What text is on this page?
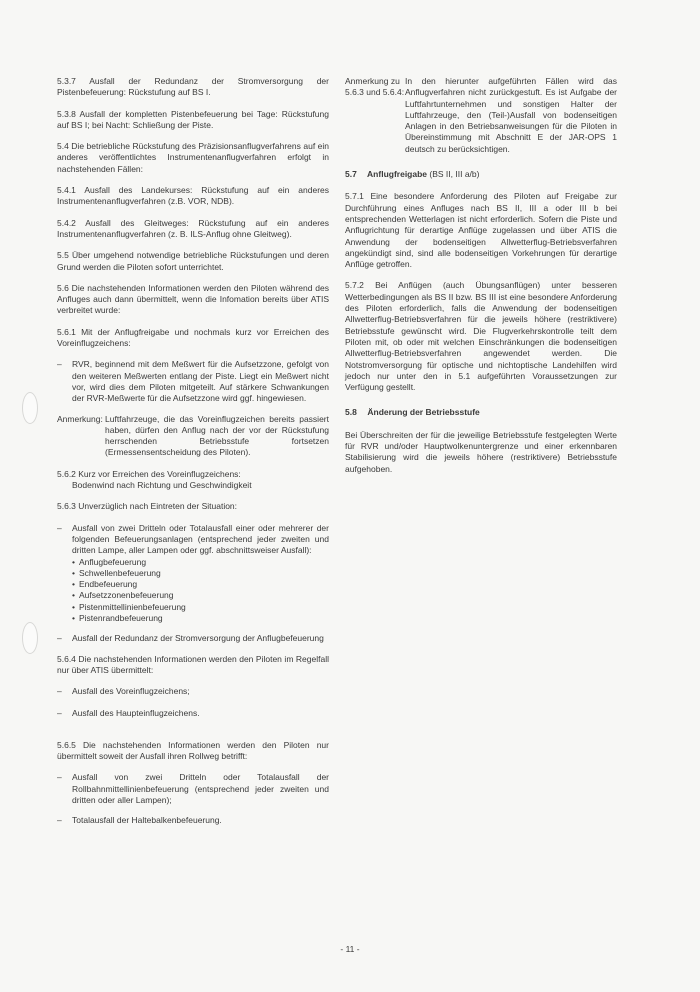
5.3.7 Ausfall der Redundanz der Stromversorgung der Pistenbefeuerung: Rückstufung auf BS I.

5.3.8 Ausfall der kompletten Pistenbefeuerung bei Tage: Rückstufung auf BS I; bei Nacht: Schließung der Piste.

5.4 Die betriebliche Rückstufung des Präzisionsanflugverfahrens auf ein anderes veröffentlichtes Instrumentenanflugverfahren erfolgt in nachstehenden Fällen:

5.4.1 Ausfall des Landekurses: Rückstufung auf ein anderes Instrumentenanflugverfahren (z.B. VOR, NDB).

5.4.2 Ausfall des Gleitweges: Rückstufung auf ein anderes Instrumentenanflugverfahren (z. B. ILS-Anflug ohne Gleitweg).

5.5 Über umgehend notwendige betriebliche Rückstufungen und deren Grund werden die Piloten sofort unterrichtet.

5.6 Die nachstehenden Informationen werden den Piloten während des Anfluges auch dann übermittelt, wenn die Infomation bereits über ATIS verbreitet wurde:

5.6.1 Mit der Anflugfreigabe und nochmals kurz vor Erreichen des Voreinflugzeichens:

– RVR, beginnend mit dem Meßwert für die Aufsetzzone, gefolgt von den weiteren Meßwerten entlang der Piste. Liegt ein Meßwert nicht vor, wird dies dem Piloten mitgeteilt. Auf stärkere Schwankungen der RVR-Meßwerte für die Aufsetzzone wird ggf. hingewiesen.
Anmerkung: Luftfahrzeuge, die das Voreinflugzeichen bereits passiert haben, dürfen den Anflug nach der vor der Rückstufung herrschenden Betriebsstufe fortsetzen (Ermessensentscheidung des Piloten).
5.6.2 Kurz vor Erreichen des Voreinflugzeichens:
Bodenwind nach Richtung und Geschwindigkeit

5.6.3 Unverzüglich nach Eintreten der Situation:

– Ausfall von zwei Dritteln oder Totalausfall einer oder mehrerer der folgenden Befeuerungsanlagen (entsprechend jeder zweiten und dritten Lampe, aller Lampen oder ggf. abschnittsweiser Ausfall):
• Anflugbefeuerung
• Schwellenbefeuerung
• Endbefeuerung
• Aufsetzzonenbefeuerung
• Pistenmittellinienbefeuerung
• Pistenrandbefeuerung
– Ausfall der Redundanz der Stromversorgung der Anflugbefeuerung

5.6.4 Die nachstehenden Informationen werden den Piloten im Regelfall nur über ATIS übermittelt:

– Ausfall des Voreinflugzeichens;
– Ausfall des Haupteinflugzeichens.

5.6.5 Die nachstehenden Informationen werden den Piloten nur übermittelt soweit der Ausfall ihren Rollweg betrifft:

– Ausfall von zwei Dritteln oder Totalausfall der Rollbahnmittellinienbefeuerung (entsprechend jeder zweiten und dritten oder aller Lampen);
– Totalausfall der Haltebalkenbefeuerung.
Anmerkung zu 5.6.3 und 5.6.4:
In den hierunter aufgeführten Fällen wird das Anflugverfahren nicht zurückgestuft. Es ist Aufgabe der Luftfahrtunternehmen und sonstigen Halter der Luftfahrzeuge, den (Teil-)Ausfall von bodenseitigen Anlagen in den Betriebsanweisungen für die Piloten in Übereinstimmung mit Abschnitt E der JAR-OPS 1 deutsch zu berücksichtigen.
5.7 Anflugfreigabe (BS II, III a/b)

5.7.1 Eine besondere Anforderung des Piloten auf Freigabe zur Durchführung eines Anfluges nach BS II, III a oder III b bei entsprechenden Wetterlagen ist nicht erforderlich. Sofern die Piste und Anflugrichtung für derartige Anflüge zugelassen und über ATIS die Anwendung der bodenseitigen Allwetterflug-Betriebsverfahren angekündigt sind, sind alle bodenseitigen Vorkehrungen für derartige Anflüge getroffen.

5.7.2 Bei Anflügen (auch Übungsanflügen) unter besseren Wetterbedingungen als BS II bzw. BS III ist eine besondere Anforderung des Piloten erforderlich, falls die Anwendung der bodenseitigen Allwetterflug-Betriebsverfahren für die jeweils höhere (restriktivere) Betriebsstufe gewünscht wird. Die Flugverkehrskontrolle teilt dem Piloten mit, ob oder mit welchen Einschränkungen die bodenseitigen Allwetterflug-Betriebsverfahren angewendet werden. Die Notstromversorgung für optische und nichtoptische Landehilfen wird jedoch nur unter den in 5.1 aufgeführten Voraussetzungen zur Verfügung gestellt.

5.8 Änderung der Betriebsstufe

Bei Überschreiten der für die jeweilige Betriebsstufe festgelegten Werte für RVR und/oder Hauptwolkenuntergrenze und einer erkennbaren Stabilisierung wird die jeweils höhere (restriktivere) Betriebsstufe aufgehoben.

- 11 -
